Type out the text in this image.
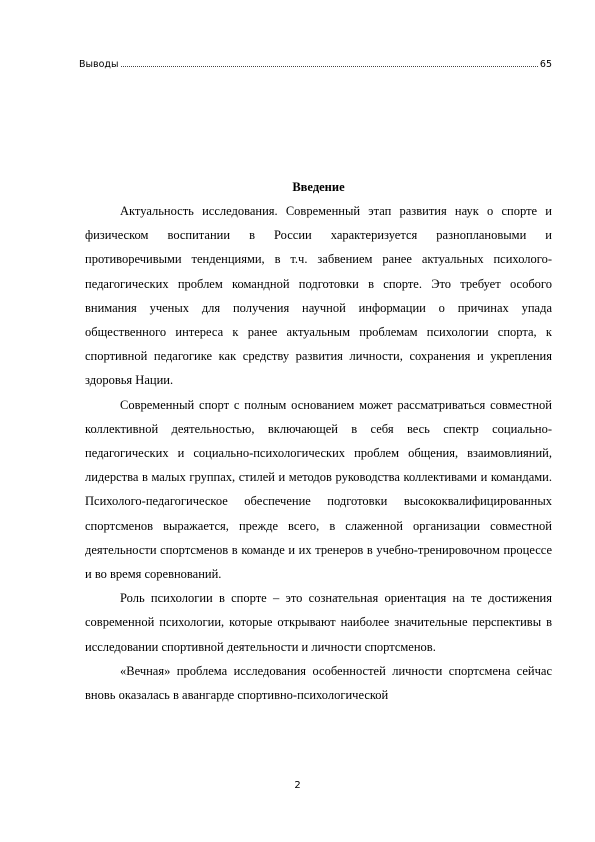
Выводы	65
Введение

Актуальность исследования. Современный этап развития наук о спорте и физическом воспитании в России характеризуется разноплановыми и противоречивыми тенденциями, в т.ч. забвением ранее актуальных психолого-педагогических проблем командной подготовки в спорте. Это требует особого внимания ученых для получения научной информации о причинах упада общественного интереса к ранее актуальным проблемам психологии спорта, к спортивной педагогике как средству развития личности, сохранения и укрепления здоровья Нации.

Современный спорт с полным основанием может рассматриваться совместной коллективной деятельностью, включающей в себя весь спектр социально-педагогических и социально-психологических проблем общения, взаимовлияний, лидерства в малых группах, стилей и методов руководства коллективами и командами. Психолого-педагогическое обеспечение подготовки высококвалифицированных спортсменов выражается, прежде всего, в слаженной организации совместной деятельности спортсменов в команде и их тренеров в учебно-тренировочном процессе и во время соревнований.

Роль психологии в спорте – это сознательная ориентация на те достижения современной психологии, которые открывают наиболее значительные перспективы в исследовании спортивной деятельности и личности спортсменов.

«Вечная» проблема исследования особенностей личности спортсмена сейчас вновь оказалась в авангарде спортивно-психологической

2
